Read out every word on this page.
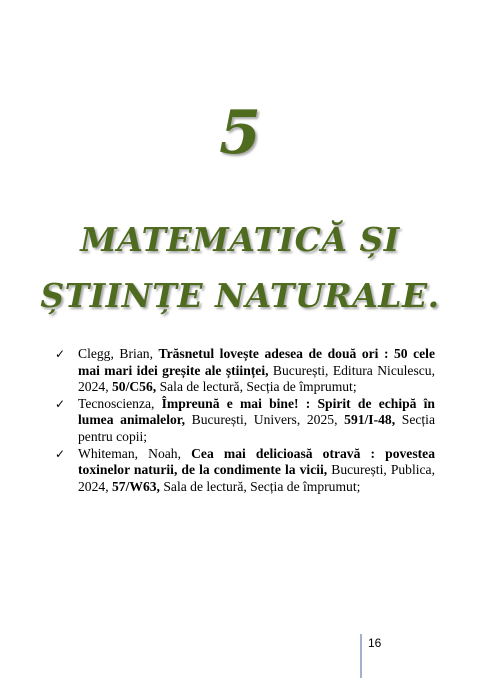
5
MATEMATICĂ ȘI
ȘTIINȚE NATURALE.
✓ Clegg, Brian, Trăsnetul lovește adesea de două ori : 50 cele mai mari idei greșite ale științei, București, Editura Niculescu, 2024, 50/C56, Sala de lectură, Secția de împrumut;
✓ Tecnoscienza, Împreună e mai bine! : Spirit de echipă în lumea animalelor, București, Univers, 2025, 591/I-48, Secția pentru copii;
✓ Whiteman, Noah, Cea mai delicioasă otravă : povestea toxinelor naturii, de la condimente la vicii, București, Publica, 2024, 57/W63, Sala de lectură, Secția de împrumut;
16
